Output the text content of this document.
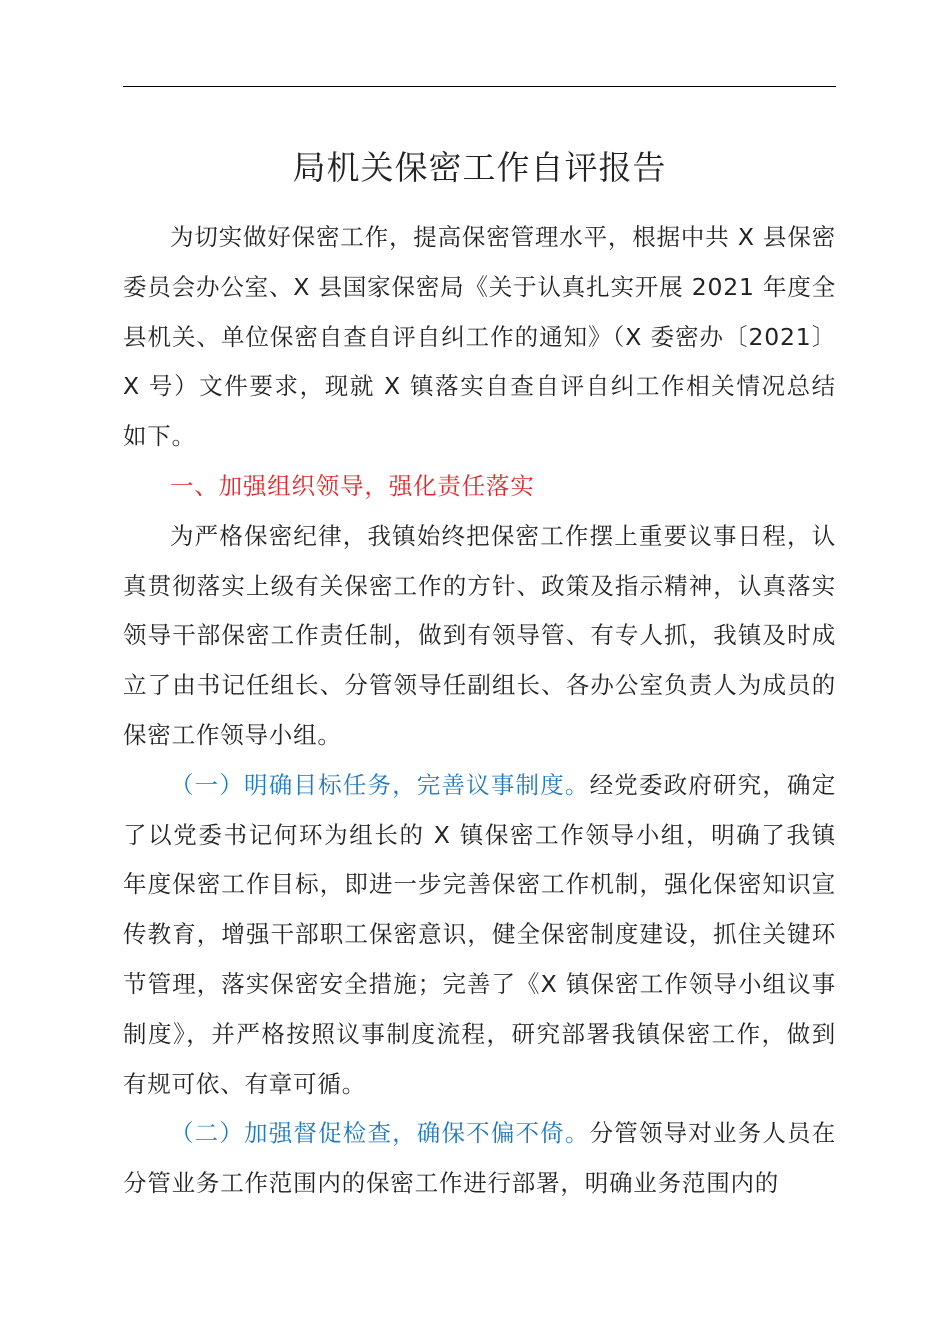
局机关保密工作自评报告

为切实做好保密工作，提高保密管理水平，根据中共 X 县保密委员会办公室、X 县国家保密局《关于认真扎实开展 2021 年度全县机关、单位保密自查自评自纠工作的通知》（X 委密办〔2021〕X 号）文件要求，现就 X 镇落实自查自评自纠工作相关情况总结如下。

一、加强组织领导，强化责任落实

为严格保密纪律，我镇始终把保密工作摆上重要议事日程，认真贯彻落实上级有关保密工作的方针、政策及指示精神，认真落实领导干部保密工作责任制，做到有领导管、有专人抓，我镇及时成立了由书记任组长、分管领导任副组长、各办公室负责人为成员的保密工作领导小组。

（一）明确目标任务，完善议事制度。经党委政府研究，确定了以党委书记何环为组长的 X 镇保密工作领导小组，明确了我镇年度保密工作目标，即进一步完善保密工作机制，强化保密知识宣传教育，增强干部职工保密意识，健全保密制度建设，抓住关键环节管理，落实保密安全措施；完善了《X 镇保密工作领导小组议事制度》，并严格按照议事制度流程，研究部署我镇保密工作，做到有规可依、有章可循。

（二）加强督促检查，确保不偏不倚。分管领导对业务人员在分管业务工作范围内的保密工作进行部署，明确业务范围内的
